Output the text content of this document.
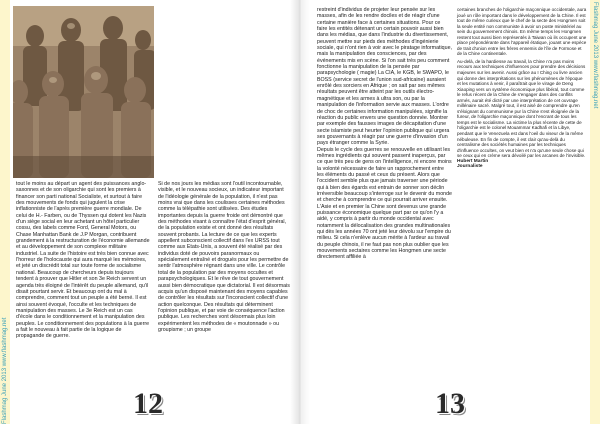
tout le moins au départ un agent des puissances anglo-saxonnes et de son oligarchie qui sont les premiers à financer son parti national Socialiste, et surtout à faire des mouvements de fonds qui jugulent la crise inflationniste de l'après première guerre mondiale. De celui de H.- Farben, ou de Thyssen qui dotent les Nazis d'un siège social en leur achetant un hôtel particulier cossu, des labels comme Ford, General Motors, ou Chase Manhattan Bank de J.P Morgan, contribuent grandement à la restructuration de l'économie allemande et au développement de son complexe militaire industriel. La suite de l'histoire est très bien connue avec l'horreur de l'holocauste qui aura marqué les mémoires, et jeté un discrédit total sur toute forme de socialisme national. Beaucoup de chercheurs depuis toujours tendent à prouver que Hitler et son 3e Reich servent un agenda très éloigné de l'intérêt du peuple allemand, qu'il disait pourtant servir. Et beaucoup ont du mal à comprendre, comment tout un peuple a été berné. Il est ainsi souvent évoqué, l'occulte et les techniques de manipulation des masses. Le 3e Reich est un cas d'école dans le conditionnement et la manipulation des peuples. Le conditionnement des populations à la guerre a fait le nouveau à fait partie de la logique de propagande de guerre.

Si de nos jours les médias sont l'outil incontournable, visible, et le nouveau socieux, un indicateur important de l'idéologie générale de la population, il n'est pas moins vrai que dans les coulisses certaines méthodes comme la télépathie sont utilisées. Des études importantes depuis la guerre froide ont démontré que des méthodes visant à connaître l'état d'esprit général, de la population existe et ont donné des résultats souvent probants. La lecture de ce que les experts appellent subconscient collectif dans l'ex URSS tout comme aux Etats-Unis, a souvent été réalisé par des individus doté de pouvoirs paranormaux ou spécialement entraîné et drogués pour les permettre de sentir l'atmosphère régnant dans une ville. Le contrôle total de la population par des moyens occultes et parapsychologiques. Et le rêve de tout gouvernement aussi bien démocratique que dictatorial. Il est désormais acquis qu'un disposé maintenant des moyens capables de contrôler les résultats sur l'inconscient collectif d'une action quelconque. Des résultats qui déterminent l'opinion publique, et par voie de conséquence l'action publique. Les recherches vont désormais plus loin expérimentent les méthodes de « moutonnade » ou groupisme ; un groupe

12

restreint d'individus de projeter leur pensée sur les masses, afin de les rendre dociles et de réagir d'une certaine manière face à certaines situations. Pour ce faire les entités détenant un certain pouvoir aussi bien dans les médias, que dans l'industrie du divertissement, peuvent mettre sur pieds des méthodes d'ingénierie sociale, qui n'ont rien à voir avec le piratage informatique, mais la manipulation des consciences, par des événements mis en scène. Si l'on sait très peu comment fonctionne la manipulation de la pensée par parapsychologie ( magie) La CIA, le KGB, le SWAPO, le BOSS (service secret de l'union sud-africaine) auraient enrôlé des sorciers en Afrique ; on sait par ses mêmes résultats peuvent être atteint par les outils électro- magnétique et les armes à ultra son, ou par la manipulation de l'information servie aux masses. L'ordre de choc de certaines information manipulées, signifie la réaction du public envers une question donnée. Montrer par exemple des fausses images de décapitation d'une secte islamiste peut heurter l'opinion publique qui urgera ses gouvernants à réagir par une guerre d'invasion d'un pays étranger comme la Syrie.

Depuis le cycle des guerres se renouvelle en utilisant les mêmes ingrédients qui souvent passent inaperçus, par ce que très peu de gens on l'intelligence, ni encore moins la volonté nécessaire de faire un rapprochement entre les éléments du passé et ceux du présent. Alors que l'occident semble plus que jamais traverser une période qui à bien des égards est entrain de sonner son déclin irréversible beaucoup s'interroge sur le devenir du monde et cherche à comprendre ce qui pourrait arriver ensuite. L'Asie et en premier la Chine sont devenus une grande puissance économique quelque part par ce qu'on l'y a aidé, y compris à partir du monde occidental avec notamment la délocalisation des grandes multinationales qui dès les années 70 ont jeté leur dévolu sur l'empire du milieu. Si cela n'enlève aucun mérite à l'ardeur au travail du peuple chinois, il ne faut pas non plus oublier que les mouvements sectaires comme les Hongmen une secte directement affiliée à

certaines branches de l'oligarchie maçonnique occidentale, aura joué un rôle important dans le développement de la Chine. Il est tout de même curieux que le chef de la secte des Hongmen soit la seule entité non communiste à avoir un poste ministériel au sein du gouvernement chinois. En même temps les Hongmen restent tout aussi bien représentés à Taiwan où ils occupent une place prépondérante dans l'appareil étatique, jouant une espèce de trait d'union entre les frères ennemis de l'île de Formose et de la Chine continentale.

Au-delà, de la hardiesse au travail, la Chine n'a pas moins recours aux techniques d'influences pour prendre des décisions majeures sur les avenir. Aussi grâce au I Ching ou livre ancien qui donne des interprétations sur les phénomènes de l'époque et les mutations à venir, il paraîtrait que le virage de Deng Xiaoping vers un système économique plus libéral, tout comme le refus récent de la Chine de s'engager dans des conflits armés, aurait été dicté par une interprétation de cet ouvrage millénaire sacré. Malgré tout, il est aisé de comprendre qu'en s'éloignant du communisme pur la Chine s'est éloignée de la fureur, de l'oligarchie maçonnique dont l'encrant de tous les temps est le socialisme. La victime la plus récente de cette de l'oligarchie est le colonel Mouammar Kadhafi et la Libye, pendant que le Venezuela est dans l'oeil du viseur de la même nébuleuse. En fin de compte, il est clair qu'au-delà du centralisme des sociétés humaines par les techniques d'influence occultes, on veut bien et n'a qu'une seule chose qui se ceux qui en crème sera dévoilé par les arcanes de l'invisible.

Hubert Martin

Journaliste

13
Flashmag June 2013 www.flashmag.net
Flashmag June 2013 www.flashmag.net
